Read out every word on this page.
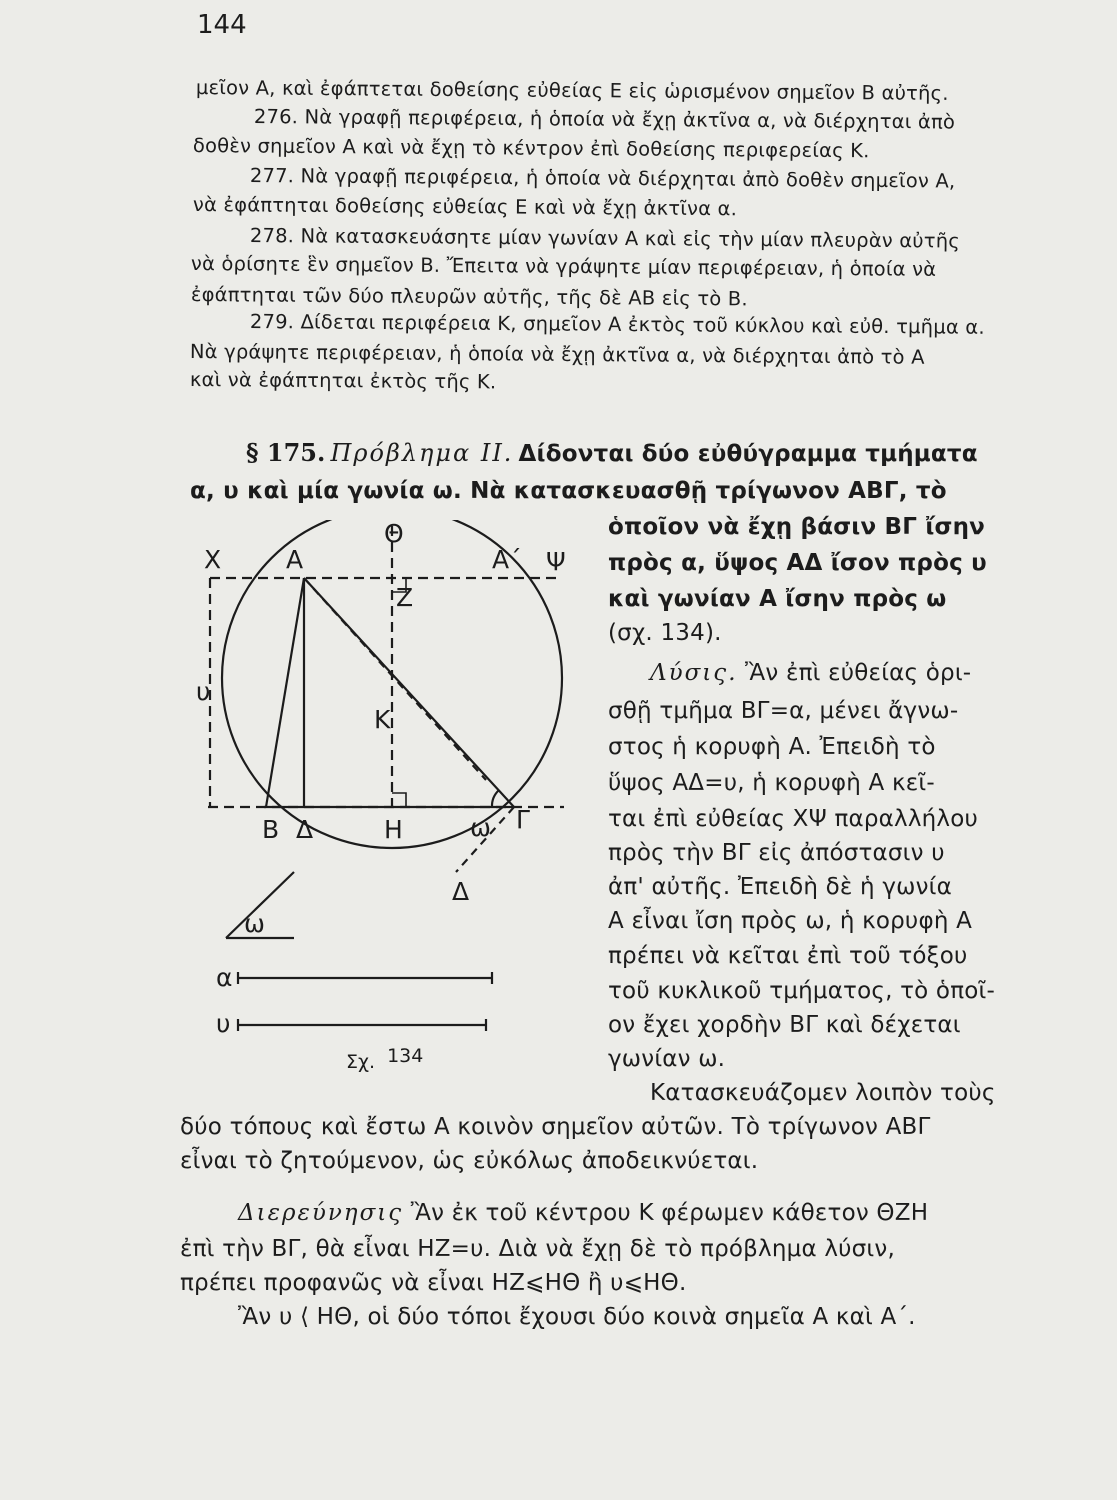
144
μεῖον Α, καὶ ἐφάπτεται δοθείσης εὐθείας Ε εἰς ὡρισμένον σημεῖον Β αὐτῆς.
276. Νὰ γραφῇ περιφέρεια, ἡ ὁποία νὰ ἔχῃ ἀκτῖνα α, νὰ διέρχηται ἀπὸ
δοθὲν σημεῖον Α καὶ νὰ ἔχῃ τὸ κέντρον ἐπὶ δοθείσης περιφερείας Κ.
277. Νὰ γραφῇ περιφέρεια, ἡ ὁποία νὰ διέρχηται ἀπὸ δοθὲν σημεῖον Α,
νὰ ἐφάπτηται δοθείσης εὐθείας Ε καὶ νὰ ἔχῃ ἀκτῖνα α.
278. Νὰ κατασκευάσητε μίαν γωνίαν Α καὶ εἰς τὴν μίαν πλευρὰν αὐτῆς
νὰ ὁρίσητε ἓν σημεῖον Β. Ἔπειτα νὰ γράψητε μίαν περιφέρειαν, ἡ ὁποία νὰ
ἐφάπτηται τῶν δύο πλευρῶν αὐτῆς, τῆς δὲ ΑΒ εἰς τὸ Β.
279. Δίδεται περιφέρεια Κ, σημεῖον Α ἐκτὸς τοῦ κύκλου καὶ εὐθ. τμῆμα α.
Νὰ γράψητε περιφέρειαν, ἡ ὁποία νὰ ἔχῃ ἀκτῖνα α, νὰ διέρχηται ἀπὸ τὸ Α
καὶ νὰ ἐφάπτηται ἐκτὸς τῆς Κ.
§ 175. Πρόβλημα ΙΙ. Δίδονται δύο εὐθύγραμμα τμήματα
α, υ καὶ μία γωνία ω. Νὰ κατασκευασθῇ τρίγωνον ΑΒΓ, τὸ
ὁποῖον νὰ ἔχῃ βάσιν ΒΓ ἴσην
πρὸς α, ὕψος ΑΔ ἴσον πρὸς υ
καὶ γωνίαν Α ἴσην πρὸς ω
(σχ. 134).
Λύσις. Ἂν ἐπὶ εὐθείας ὁρι-
σθῇ τμῆμα ΒΓ=α, μένει ἄγνω-
στος ἡ κορυφὴ Α. Ἐπειδὴ τὸ
ὕψος ΑΔ=υ, ἡ κορυφὴ Α κεῖ-
ται ἐπὶ εὐθείας ΧΨ παραλλήλου
πρὸς τὴν ΒΓ εἰς ἀπόστασιν υ
ἀπ' αὐτῆς. Ἐπειδὴ δὲ ἡ γωνία
Α εἶναι ἴση πρὸς ω, ἡ κορυφὴ Α
πρέπει νὰ κεῖται ἐπὶ τοῦ τόξου
τοῦ κυκλικοῦ τμήματος, τὸ ὁποῖ-
ον ἔχει χορδὴν ΒΓ καὶ δέχεται
γωνίαν ω.
Κατασκευάζομεν λοιπὸν τοὺς
δύο τόπους καὶ ἔστω Α κοινὸν σημεῖον αὐτῶν. Τὸ τρίγωνον ΑΒΓ
εἶναι τὸ ζητούμενον, ὡς εὐκόλως ἀποδεικνύεται.
Διερεύνησις Ἂν ἐκ τοῦ κέντρου Κ φέρωμεν κάθετον ΘΖΗ
ἐπὶ τὴν ΒΓ, θὰ εἶναι ΗΖ=υ. Διὰ νὰ ἔχῃ δὲ τὸ πρόβλημα λύσιν,
πρέπει προφανῶς νὰ εἶναι ΗΖ⩽ΗΘ ἢ υ⩽ΗΘ.
Ἂν υ ⟨ ΗΘ, οἱ δύο τόποι ἔχουσι δύο κοινὰ σημεῖα Α καὶ Α΄.
Χ	Α
Θ
Α΄ Ψ
Ζ
Κ
υ
Β Δ	Η	ω Γ
Δ
ω
α
υ
Σχ. 134
